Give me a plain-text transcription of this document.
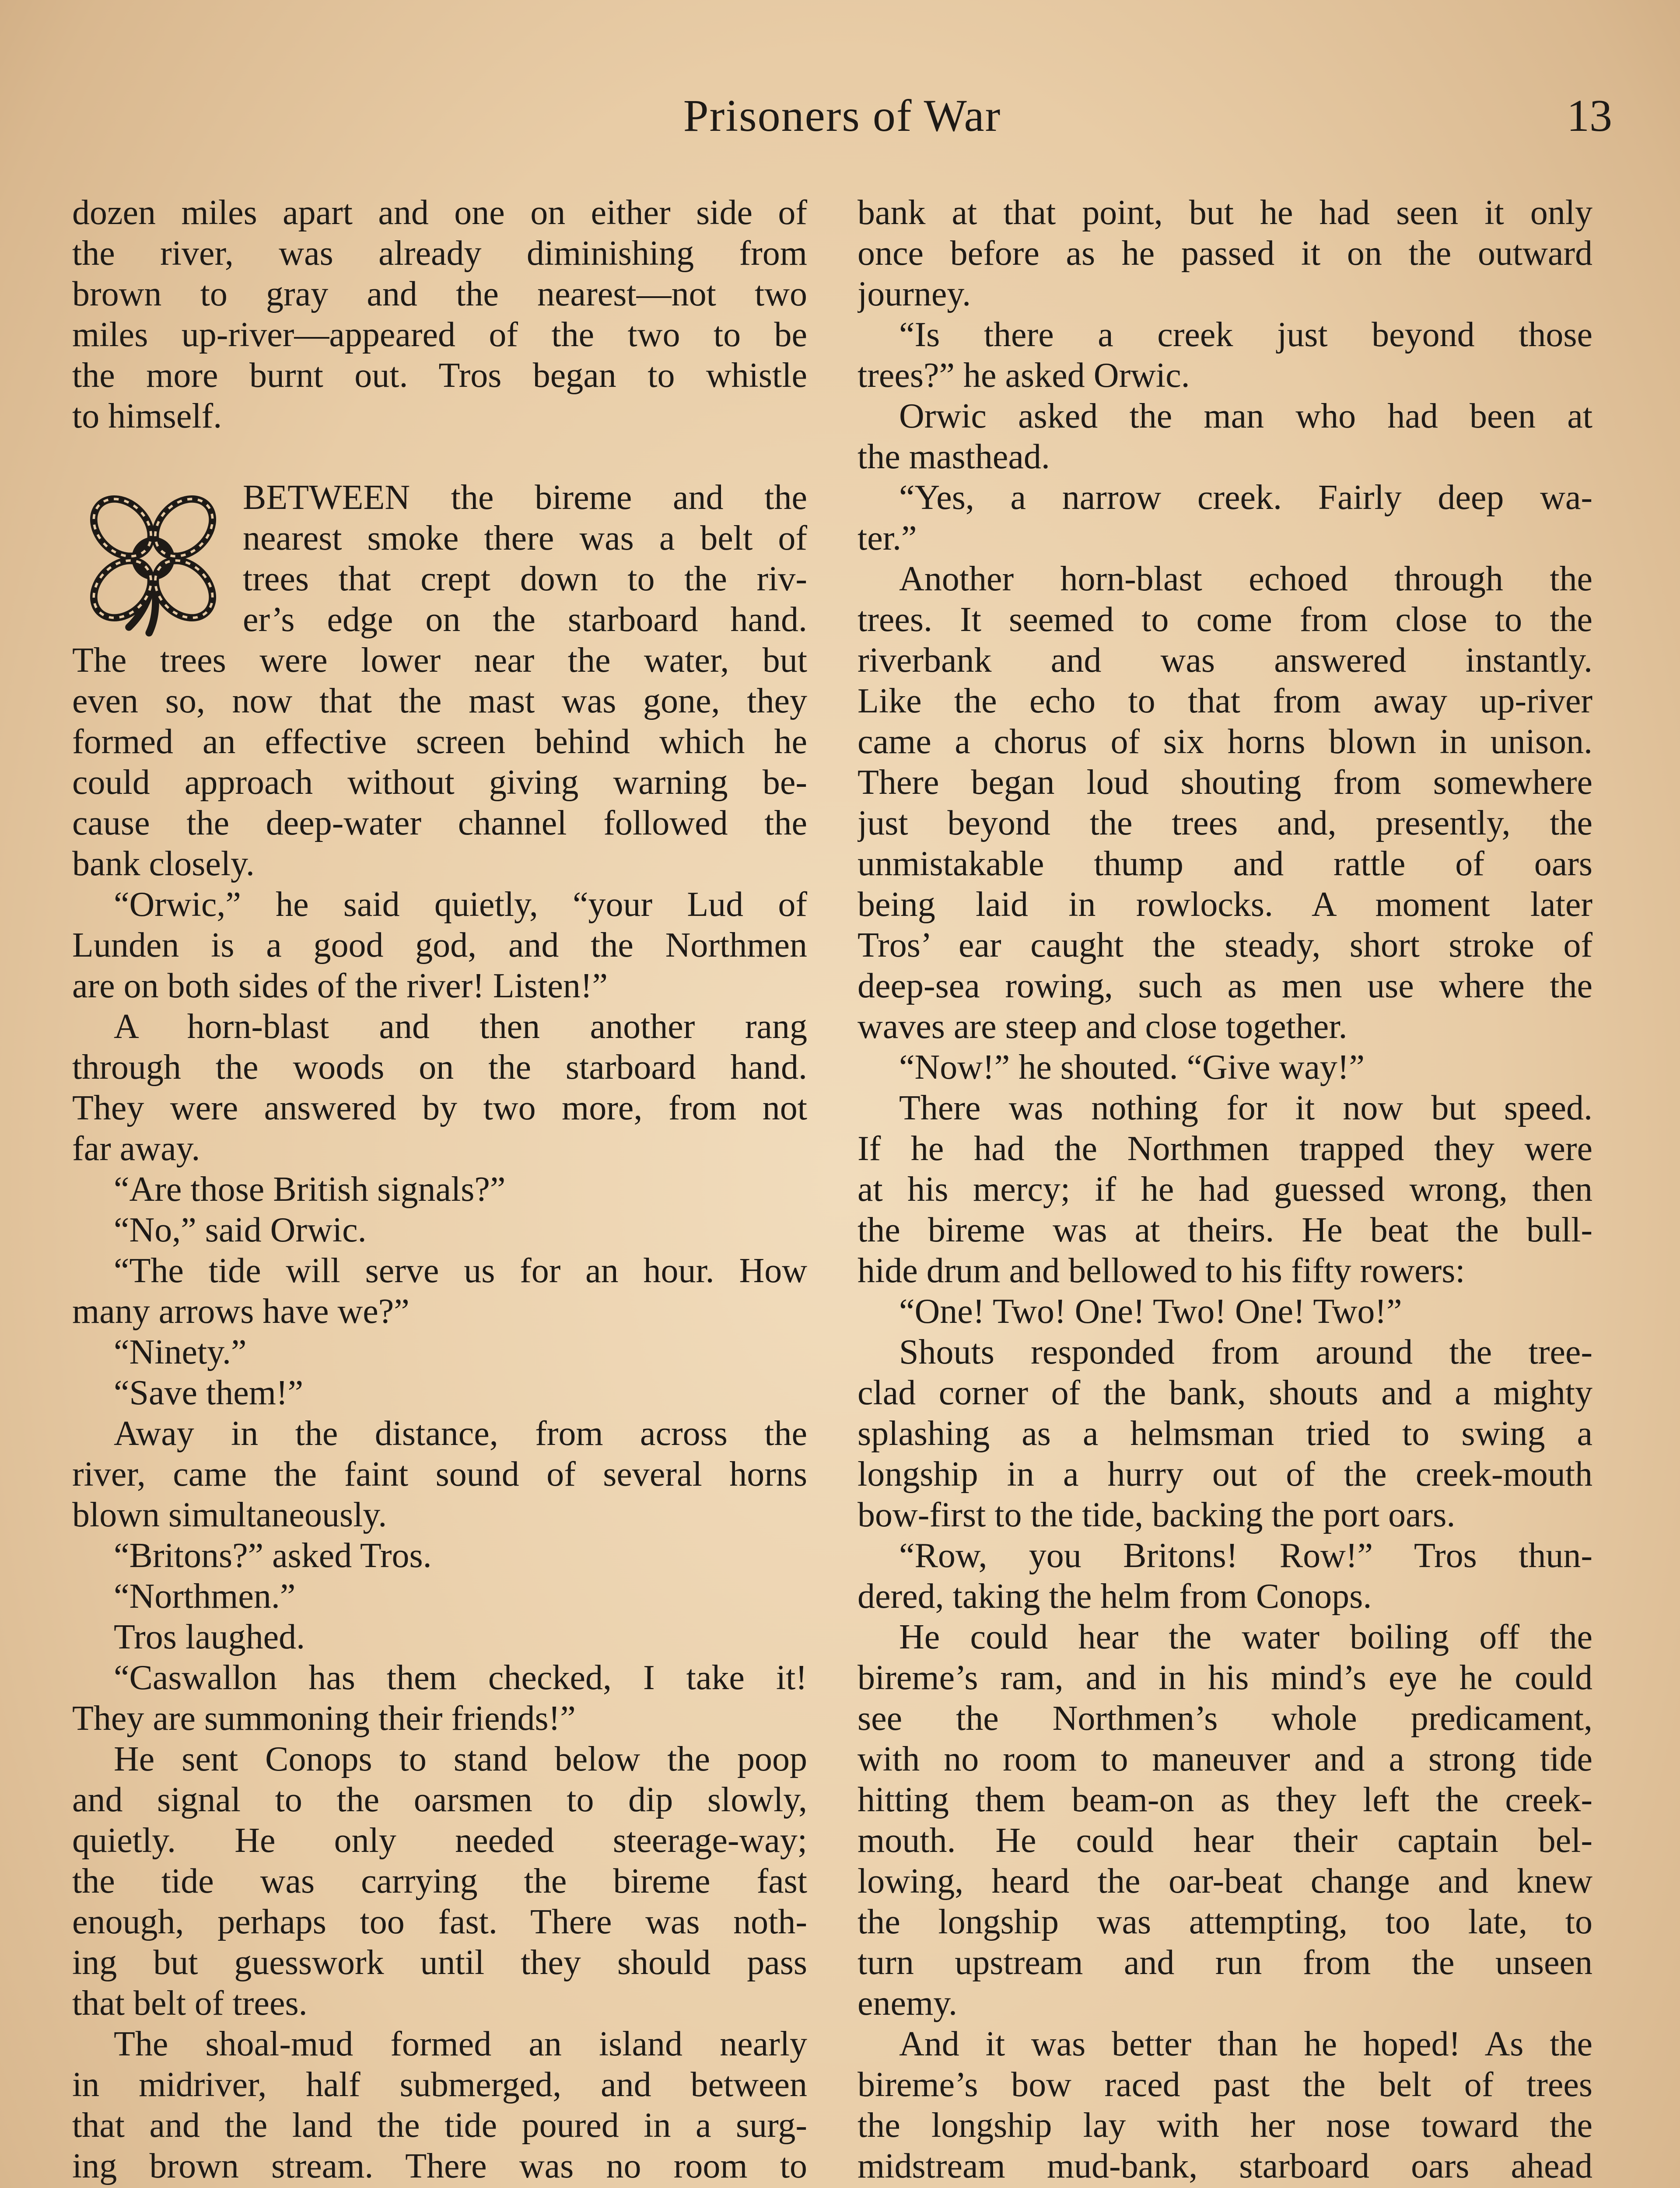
Prisoners of War	13
dozen miles apart and one on either side of
the river, was already diminishing from
brown to gray and the nearest—not two
miles up-river—appeared of the two to be
the more burnt out. Tros began to whistle
to himself.
BETWEEN the bireme and the
nearest smoke there was a belt of
trees that crept down to the riv-
er’s edge on the starboard hand.
The trees were lower near the water, but
even so, now that the mast was gone, they
formed an effective screen behind which he
could approach without giving warning be-
cause the deep-water channel followed the
bank closely.
“Orwic,” he said quietly, “your Lud of
Lunden is a good god, and the Northmen
are on both sides of the river! Listen!”
A horn-blast and then another rang
through the woods on the starboard hand.
They were answered by two more, from not
far away.
“Are those British signals?”
“No,” said Orwic.
“The tide will serve us for an hour. How
many arrows have we?”
“Ninety.”
“Save them!”
Away in the distance, from across the
river, came the faint sound of several horns
blown simultaneously.
“Britons?” asked Tros.
“Northmen.”
Tros laughed.
“Caswallon has them checked, I take it!
They are summoning their friends!”
He sent Conops to stand below the poop
and signal to the oarsmen to dip slowly,
quietly. He only needed steerage-way;
the tide was carrying the bireme fast
enough, perhaps too fast. There was noth-
ing but guesswork until they should pass
that belt of trees.
The shoal-mud formed an island nearly
in midriver, half submerged, and between
that and the land the tide poured in a surg-
ing brown stream. There was no room to
bank at that point, but he had seen it only
once before as he passed it on the outward
journey.
“Is there a creek just beyond those
trees?” he asked Orwic.
Orwic asked the man who had been at
the masthead.
“Yes, a narrow creek. Fairly deep wa-
ter.”
Another horn-blast echoed through the
trees. It seemed to come from close to the
riverbank and was answered instantly.
Like the echo to that from away up-river
came a chorus of six horns blown in unison.
There began loud shouting from somewhere
just beyond the trees and, presently, the
unmistakable thump and rattle of oars
being laid in rowlocks. A moment later
Tros’ ear caught the steady, short stroke of
deep-sea rowing, such as men use where the
waves are steep and close together.
“Now!” he shouted. “Give way!”
There was nothing for it now but speed.
If he had the Northmen trapped they were
at his mercy; if he had guessed wrong, then
the bireme was at theirs. He beat the bull-
hide drum and bellowed to his fifty rowers:
“One! Two! One! Two! One! Two!”
Shouts responded from around the tree-
clad corner of the bank, shouts and a mighty
splashing as a helmsman tried to swing a
longship in a hurry out of the creek-mouth
bow-first to the tide, backing the port oars.
“Row, you Britons! Row!” Tros thun-
dered, taking the helm from Conops.
He could hear the water boiling off the
bireme’s ram, and in his mind’s eye he could
see the Northmen’s whole predicament,
with no room to maneuver and a strong tide
hitting them beam-on as they left the creek-
mouth. He could hear their captain bel-
lowing, heard the oar-beat change and knew
the longship was attempting, too late, to
turn upstream and run from the unseen
enemy.
And it was better than he hoped! As the
bireme’s bow raced past the belt of trees
the longship lay with her nose toward the
midstream mud-bank, starboard oars ahead
